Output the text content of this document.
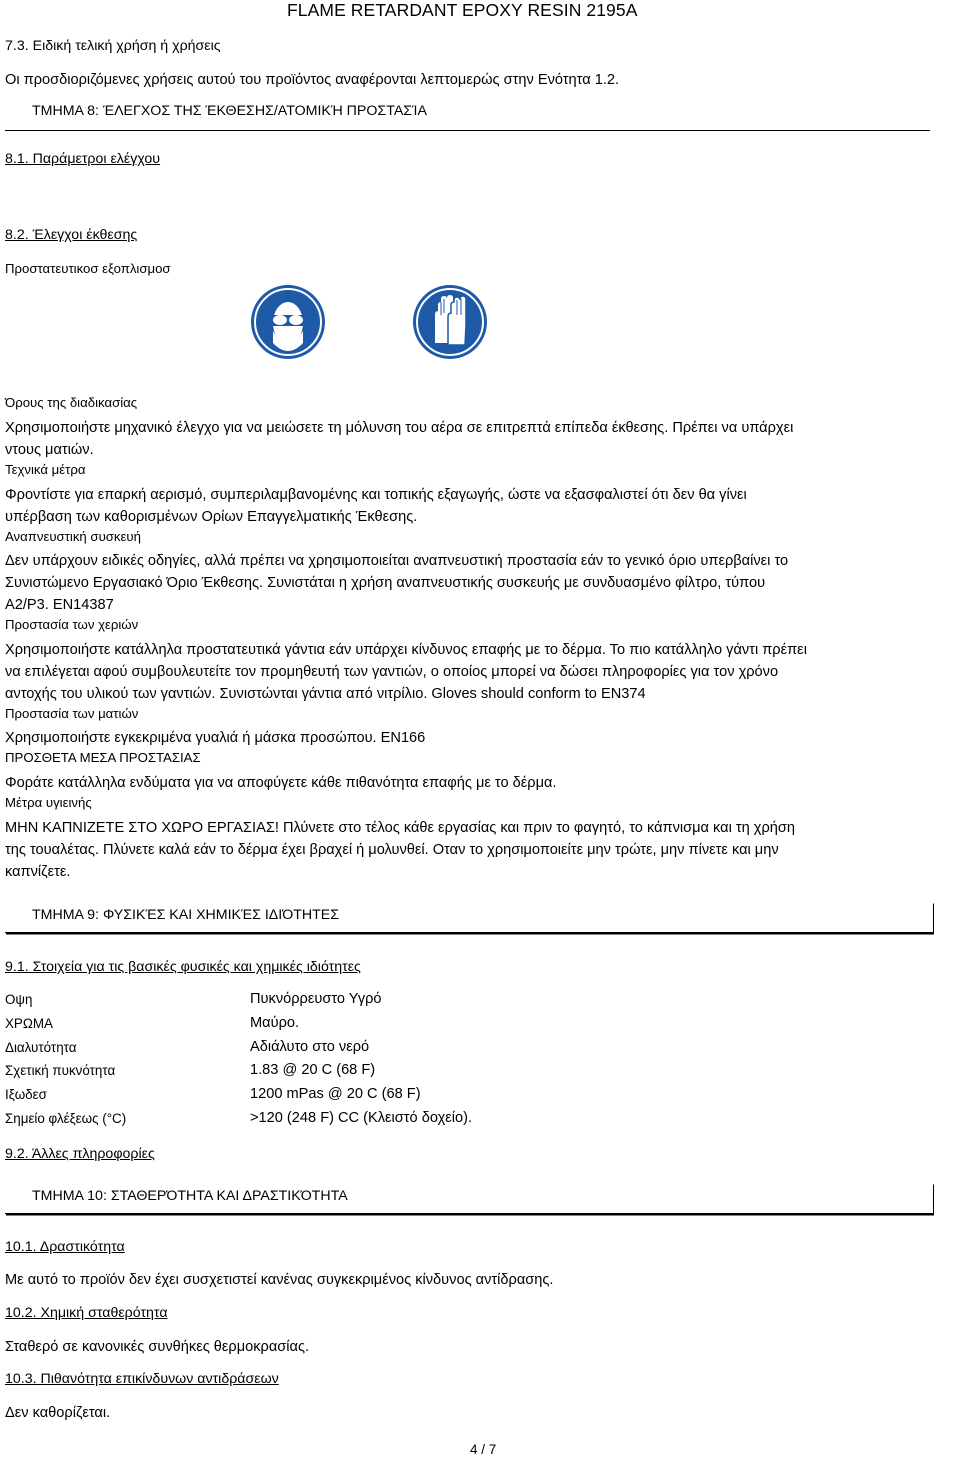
FLAME RETARDANT EPOXY RESIN 2195A
7.3. Ειδική τελική χρήση ή χρήσεις
Οι προσδιοριζόμενες χρήσεις αυτού του προϊόντος αναφέρονται λεπτομερώς στην Ενότητα 1.2.
ΤΜΗΜΑ 8: ΈΛΕΓΧΟΣ ΤΗΣ ΈΚΘΕΣΗΣ/ΑΤΟΜΙΚΉ ΠΡΟΣΤΑΣΊΑ
8.1. Παράμετροι ελέγχου
8.2. Έλεγχοι έκθεσης
Προστατευτικοσ εξοπλισμοσ
Όρους της διαδικασίας
Χρησιμοποιήστε μηχανικό έλεγχο για να μειώσετε τη μόλυνση του αέρα σε επιτρεπτά επίπεδα έκθεσης. Πρέπει να υπάρχει
ντους ματιών.
Τεχνικά μέτρα
Φροντίστε για επαρκή αερισμό, συμπεριλαμβανομένης και τοπικής εξαγωγής, ώστε να εξασφαλιστεί ότι δεν θα γίνει
υπέρβαση των καθορισμένων Ορίων Επαγγελματικής Έκθεσης.
Αναπνευστική συσκευή
Δεν υπάρχουν ειδικές οδηγίες, αλλά πρέπει να χρησιμοποιείται αναπνευστική προστασία εάν το γενικό όριο υπερβαίνει το
Συνιστώμενο Εργασιακό Όριο Έκθεσης. Συνιστάται η χρήση αναπνευστικής συσκευής με συνδυασμένο φίλτρο, τύπου
A2/P3. EN14387
Προστασία των χεριών
Χρησιμοποιήστε κατάλληλα προστατευτικά γάντια εάν υπάρχει κίνδυνος επαφής με το δέρμα. Το πιο κατάλληλο γάντι πρέπει
να επιλέγεται αφού συμβουλευτείτε τον προμηθευτή των γαντιών, ο οποίος μπορεί να δώσει πληροφορίες για τον χρόνο
αντοχής του υλικού των γαντιών. Συνιστώνται γάντια από νιτρίλιο. Gloves should conform to EN374
Προστασία των ματιών
Χρησιμοποιήστε εγκεκριμένα γυαλιά ή μάσκα προσώπου. EN166
ΠΡΟΣΘΕΤΑ ΜΕΣΑ ΠΡΟΣΤΑΣΙΑΣ
Φοράτε κατάλληλα ενδύματα για να αποφύγετε κάθε πιθανότητα επαφής με το δέρμα.
Μέτρα υγιεινής
ΜΗΝ ΚΑΠΝΙΖΕΤΕ ΣΤΟ ΧΩΡΟ ΕΡΓΑΣΙΑΣ! Πλύνετε στο τέλος κάθε εργασίας και πριν το φαγητό, το κάπνισμα και τη χρήση
της τουαλέτας. Πλύνετε καλά εάν το δέρμα έχει βραχεί ή μολυνθεί. Οταν το χρησιμοποιείτε μην τρώτε, μην πίνετε και μην
καπνίζετε.
ΤΜΗΜΑ 9: ΦΥΣΙΚΈΣ ΚΑΙ ΧΗΜΙΚΈΣ ΙΔΙΌΤΗΤΕΣ
9.1. Στοιχεία για τις βασικές φυσικές και χημικές ιδιότητες
Οψη	Πυκνόρρευστο Υγρό
ΧΡΩΜΑ	Μαύρο.
Διαλυτότητα	Αδιάλυτο στο νερό
Σχετική πυκνότητα	1.83 @ 20 C (68 F)
Ιξωδεσ	1200 mPas @ 20 C (68 F)
Σημείο φλέξεως (°C)	>120 (248 F) CC (Κλειστό δοχείο).
9.2. Άλλες πληροφορίες
ΤΜΗΜΑ 10: ΣΤΑΘΕΡΌΤΗΤΑ ΚΑΙ ΔΡΑΣΤΙΚΌΤΗΤΑ
10.1. Δραστικότητα
Με αυτό το προϊόν δεν έχει συσχετιστεί κανένας συγκεκριμένος κίνδυνος αντίδρασης.
10.2. Χημική σταθερότητα
Σταθερό σε κανονικές συνθήκες θερμοκρασίας.
10.3. Πιθανότητα επικίνδυνων αντιδράσεων
Δεν καθορίζεται.
4 / 7
